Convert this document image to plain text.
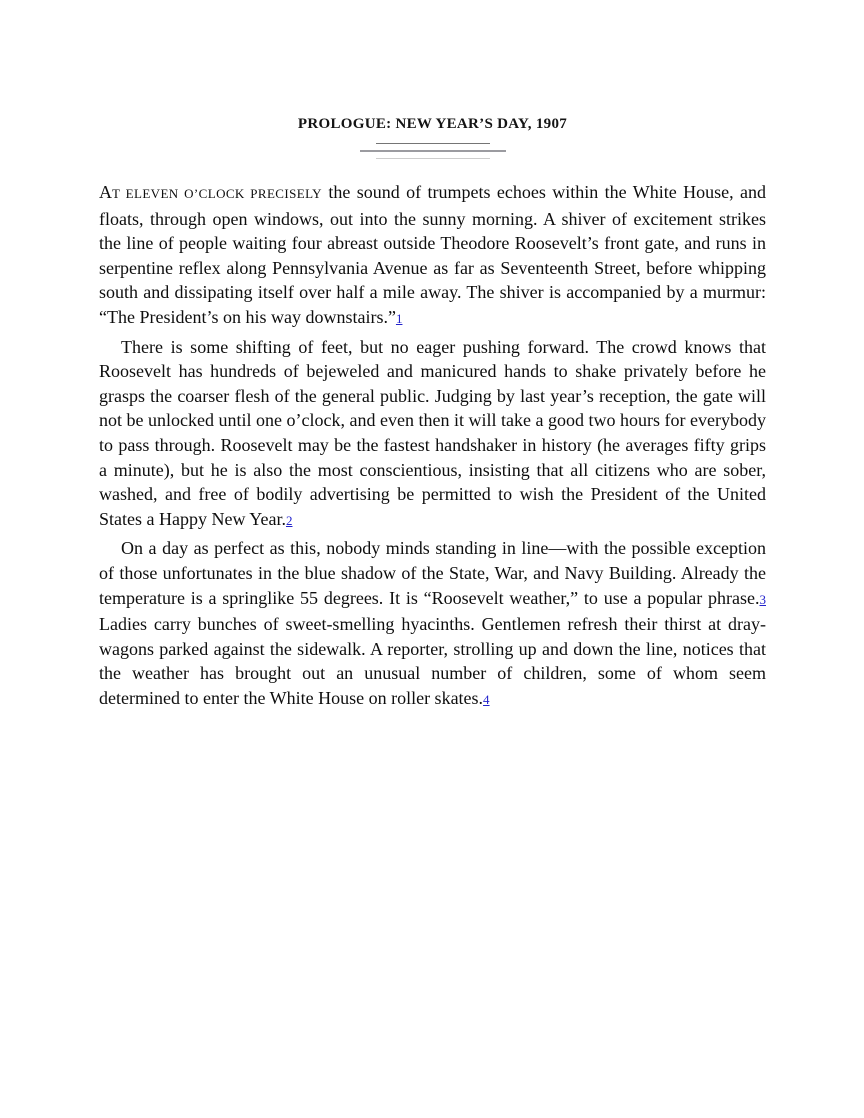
PROLOGUE: NEW YEAR’S DAY, 1907

AT ELEVEN O’CLOCK PRECISELY the sound of trumpets echoes within the White House, and floats, through open windows, out into the sunny morning. A shiver of excitement strikes the line of people waiting four abreast outside Theodore Roosevelt’s front gate, and runs in serpentine reflex along Pennsylvania Avenue as far as Seventeenth Street, before whipping south and dissipating itself over half a mile away. The shiver is accompanied by a murmur: “The President’s on his way downstairs.”1

There is some shifting of feet, but no eager pushing forward. The crowd knows that Roosevelt has hundreds of bejeweled and manicured hands to shake privately before he grasps the coarser flesh of the general public. Judging by last year’s reception, the gate will not be unlocked until one o’clock, and even then it will take a good two hours for everybody to pass through. Roosevelt may be the fastest handshaker in history (he averages fifty grips a minute), but he is also the most conscientious, insisting that all citizens who are sober, washed, and free of bodily advertising be permitted to wish the President of the United States a Happy New Year.2

On a day as perfect as this, nobody minds standing in line—with the possible exception of those unfortunates in the blue shadow of the State, War, and Navy Building. Already the temperature is a springlike 55 degrees. It is “Roosevelt weather,” to use a popular phrase.3 Ladies carry bunches of sweet-smelling hyacinths. Gentlemen refresh their thirst at dray-wagons parked against the sidewalk. A reporter, strolling up and down the line, notices that the weather has brought out an unusual number of children, some of whom seem determined to enter the White House on roller skates.4
